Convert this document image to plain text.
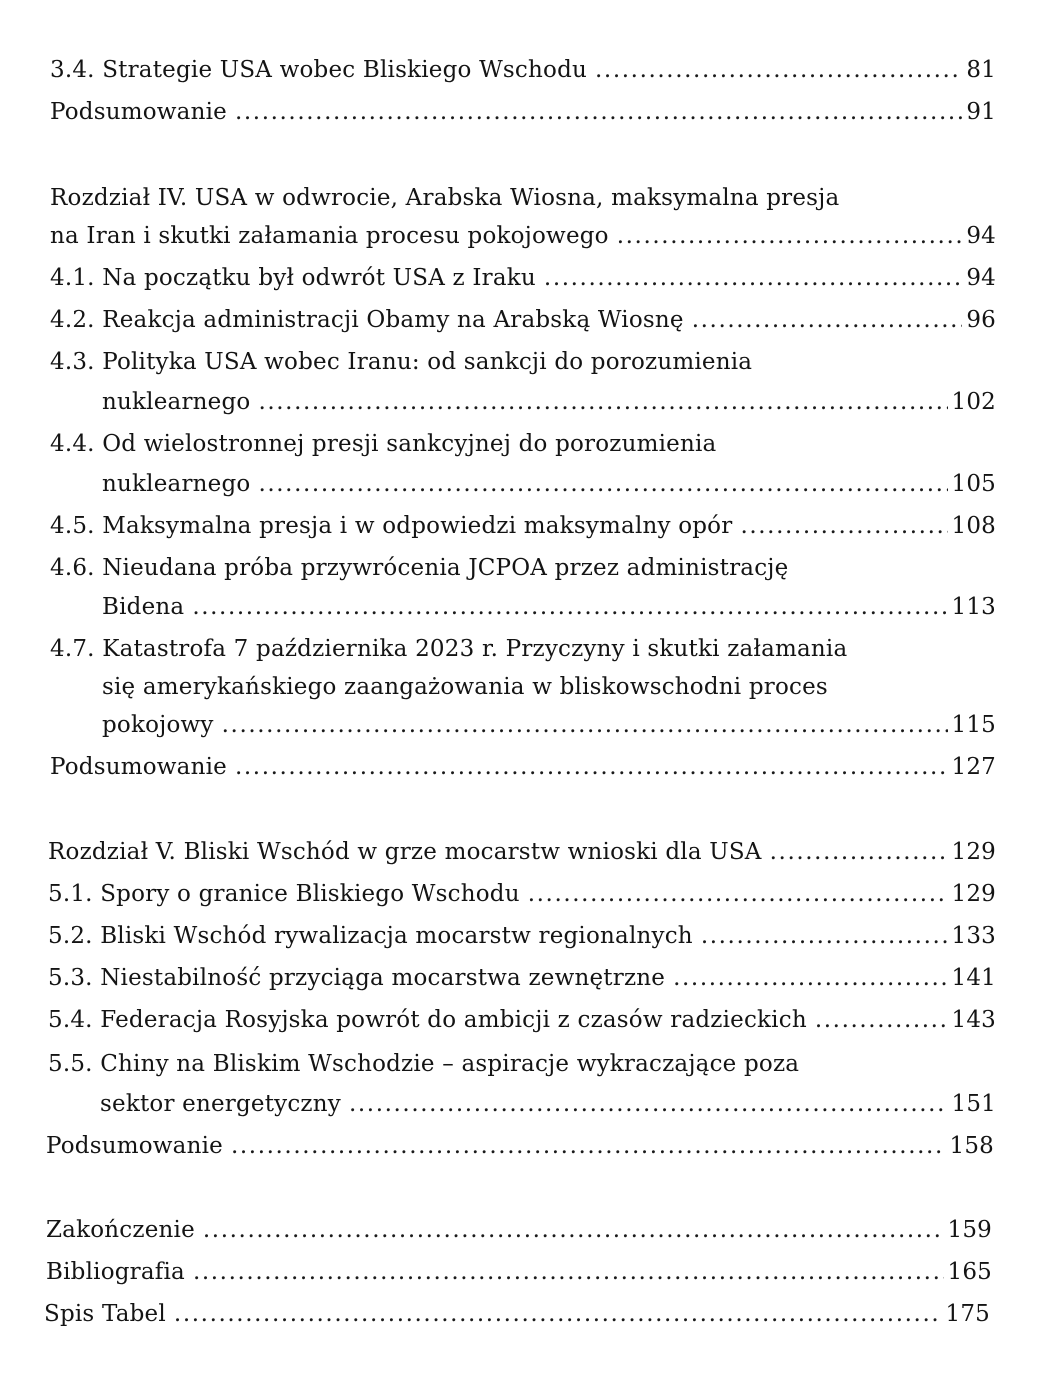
3.4. Strategie USA wobec Bliskiego Wschodu .....	81
Podsumowanie .....	91
Rozdział IV. USA w odwrocie, Arabska Wiosna, maksymalna presja
na Iran i skutki załamania procesu pokojowego .....	94
4.1. Na początku był odwrót USA z Iraku .....	94
4.2. Reakcja administracji Obamy na Arabską Wiosnę .....	96
4.3. Polityka USA wobec Iranu: od sankcji do porozumienia
nuklearnego .....	102
4.4. Od wielostronnej presji sankcyjnej do porozumienia
nuklearnego .....	105
4.5. Maksymalna presja i w odpowiedzi maksymalny opór .....	108
4.6. Nieudana próba przywrócenia JCPOA przez administrację
Bidena .....	113
4.7. Katastrofa 7 października 2023 r. Przyczyny i skutki załamania
się amerykańskiego zaangażowania w bliskowschodni proces
pokojowy .....	115
Podsumowanie .....	127
Rozdział V. Bliski Wschód w grze mocarstw wnioski dla USA .....	129
5.1. Spory o granice Bliskiego Wschodu .....	129
5.2. Bliski Wschód rywalizacja mocarstw regionalnych .....	133
5.3. Niestabilność przyciąga mocarstwa zewnętrzne .....	141
5.4. Federacja Rosyjska powrót do ambicji z czasów radzieckich .....	143
5.5. Chiny na Bliskim Wschodzie – aspiracje wykraczające poza
sektor energetyczny .....	151
Podsumowanie .....	158
Zakończenie .....	159
Bibliografia .....	165
Spis Tabel .....	175
